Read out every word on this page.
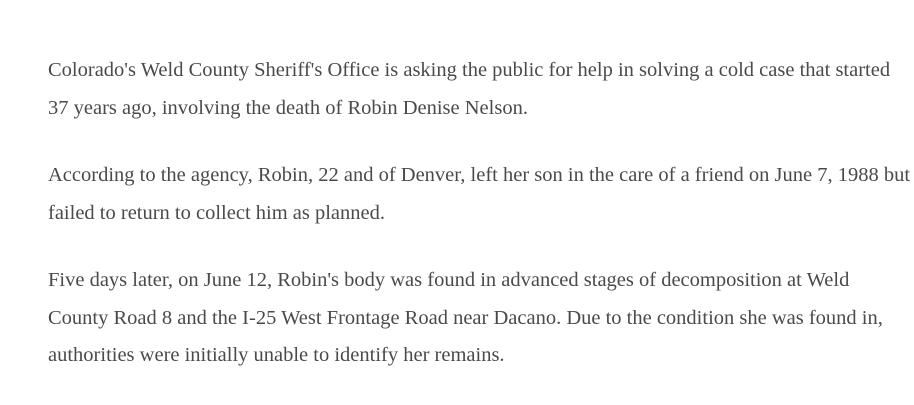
Colorado's Weld County Sheriff's Office is asking the public for help in solving a cold case that started 37 years ago, involving the death of Robin Denise Nelson.

According to the agency, Robin, 22 and of Denver, left her son in the care of a friend on June 7, 1988 but failed to return to collect him as planned.

Five days later, on June 12, Robin's body was found in advanced stages of decomposition at Weld County Road 8 and the I-25 West Frontage Road near Dacano. Due to the condition she was found in, authorities were initially unable to identify her remains.
